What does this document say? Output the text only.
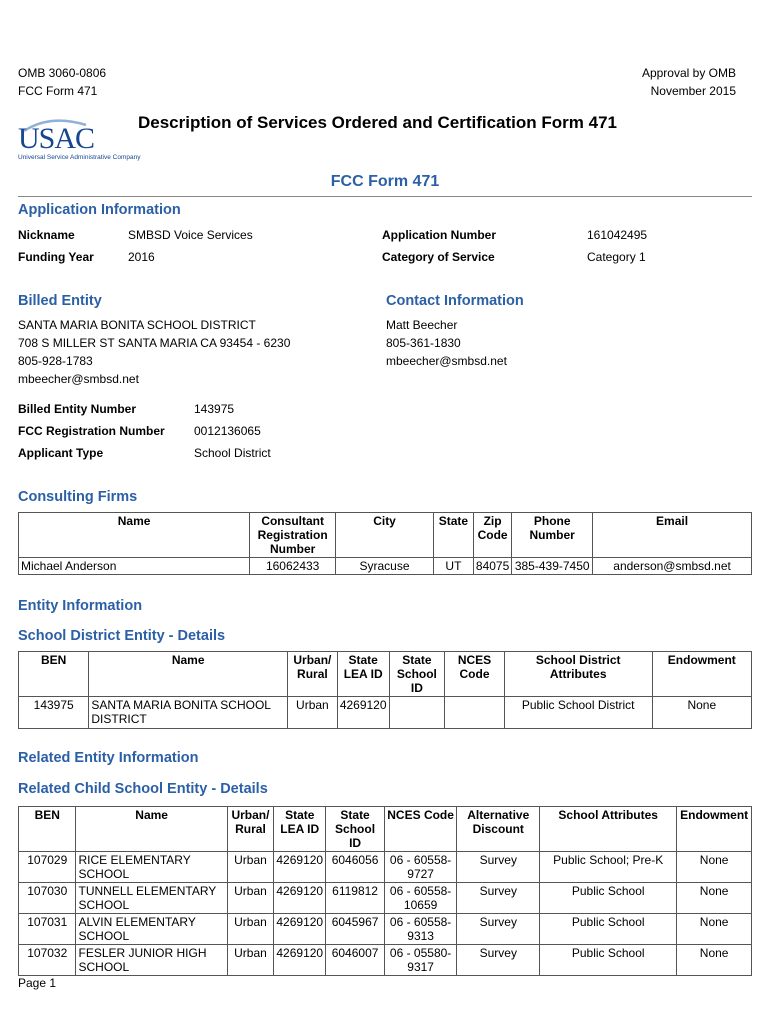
OMB 3060-0806
FCC Form 471
Approval by OMB
November 2015
USAC
Universal Service Administrative Company
Description of Services Ordered and Certification Form 471
FCC Form 471
Application Information
Nickname	SMBSD Voice Services	Application Number	161042495
Funding Year	2016	Category of Service	Category 1
Billed Entity
SANTA MARIA BONITA SCHOOL DISTRICT
708 S MILLER ST SANTA MARIA CA 93454 - 6230
805-928-1783
mbeecher@smbsd.net
Contact Information
Matt Beecher
805-361-1830
mbeecher@smbsd.net
Billed Entity Number	143975
FCC Registration Number 0012136065
Applicant Type	School District
Consulting Firms
Name	Consultant Registration Number	City	State	Zip Code	Phone Number	Email
Michael Anderson	16062433	Syracuse	UT	84075	385-439-7450	anderson@smbsd.net
Entity Information
School District Entity - Details
BEN	Name	Urban/ Rural	State LEA ID	State School ID	NCES Code	School District Attributes	Endowment
143975	SANTA MARIA BONITA SCHOOL DISTRICT	Urban	4269120			Public School District	None
Related Entity Information
Related Child School Entity - Details
BEN	Name	Urban/ Rural	State LEA ID	State School ID	NCES Code	Alternative Discount	School Attributes	Endowment
107029	RICE ELEMENTARY SCHOOL	Urban	4269120	6046056	06 - 60558-9727	Survey	Public School; Pre-K	None
107030	TUNNELL ELEMENTARY SCHOOL	Urban	4269120	6119812	06 - 60558-10659	Survey	Public School	None
107031	ALVIN ELEMENTARY SCHOOL	Urban	4269120	6045967	06 - 60558-9313	Survey	Public School	None
107032	FESLER JUNIOR HIGH SCHOOL	Urban	4269120	6046007	06 - 05580-9317	Survey	Public School	None
Page 1
